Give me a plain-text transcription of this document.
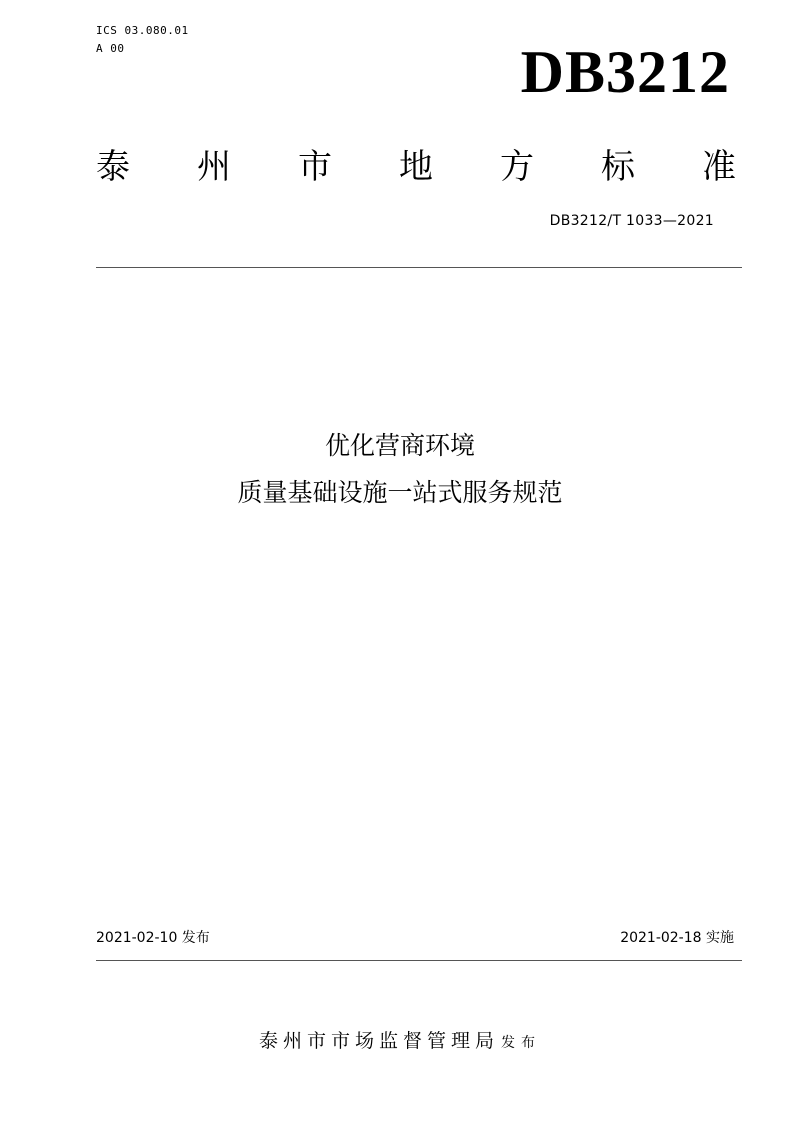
ICS 03.080.01
A 00	DB3212
泰 州 市 地 方 标 准
DB3212/T 1033—2021
优化营商环境
质量基础设施一站式服务规范
2021-02-10 发布	2021-02-18 实施
泰州市市场监督管理局 发布
